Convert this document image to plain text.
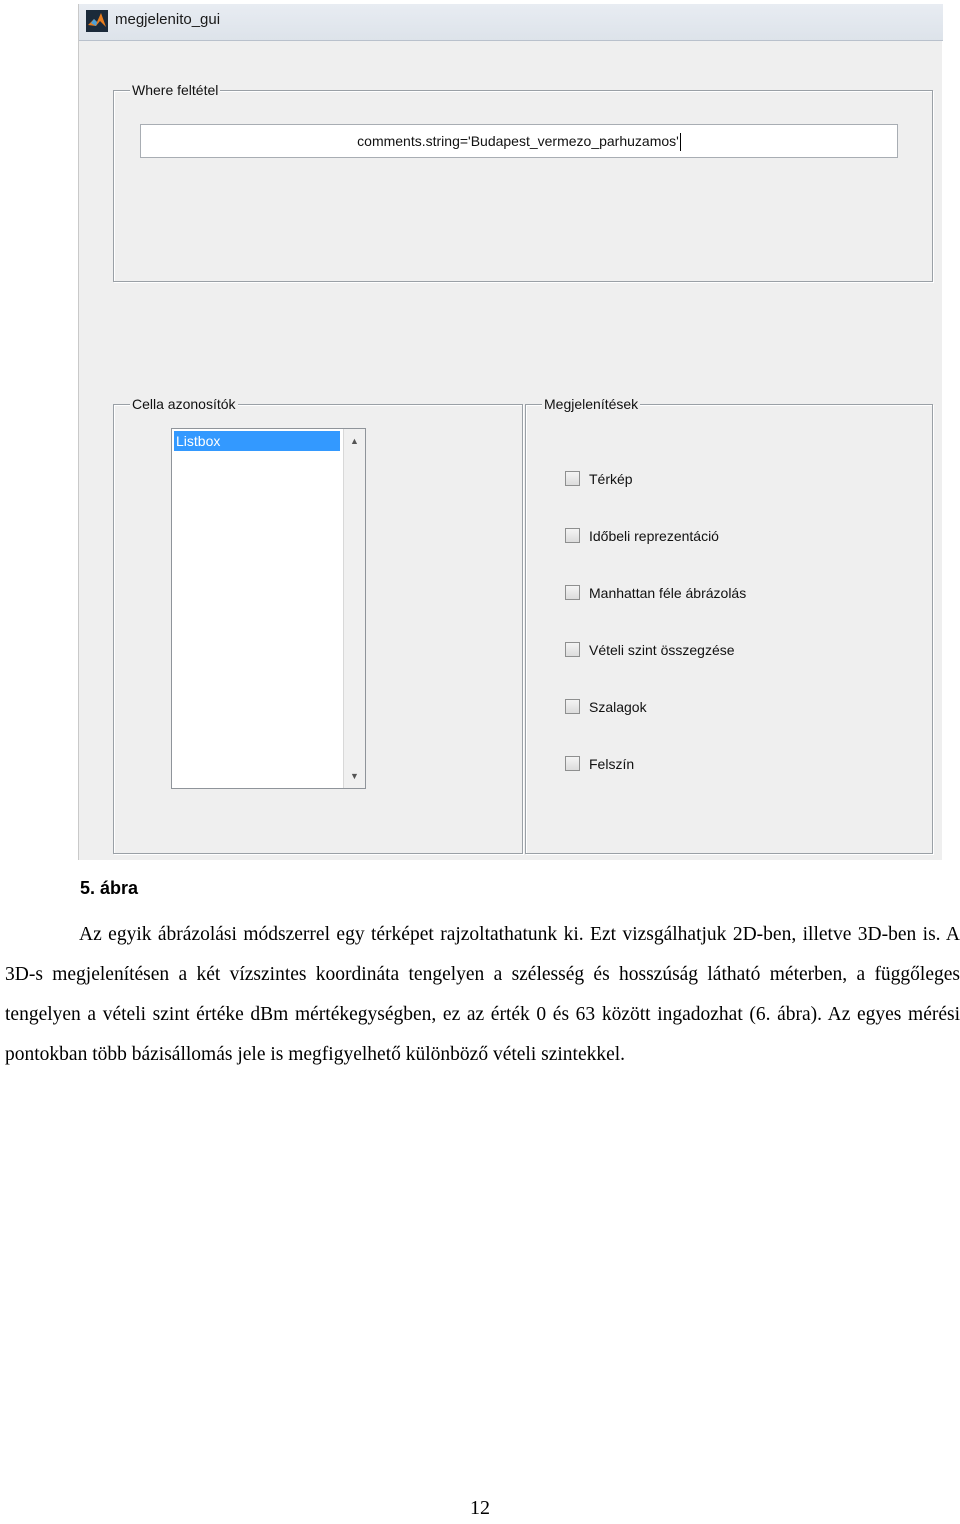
megjelenito_gui
Where feltétel
comments.string='Budapest_vermezo_parhuzamos'
Cella azonosítók
Listbox	▲
▼
Megjelenítések
Térkép
Időbeli reprezentáció
Manhattan féle ábrázolás
Vételi szint összegzése
Szalagok
Felszín
5. ábra

Az egyik ábrázolási módszerrel egy térképet rajzoltathatunk ki. Ezt vizsgálhatjuk 2D-ben, illetve 3D-ben is. A 3D-s megjelenítésen a két vízszintes koordináta tengelyen a szélesség és hosszúság látható méterben, a függőleges tengelyen a vételi szint értéke dBm mértékegységben, ez az érték 0 és 63 között ingadozhat (6. ábra). Az egyes mérési pontokban több bázisállomás jele is megfigyelhető különböző vételi szintekkel.

12
